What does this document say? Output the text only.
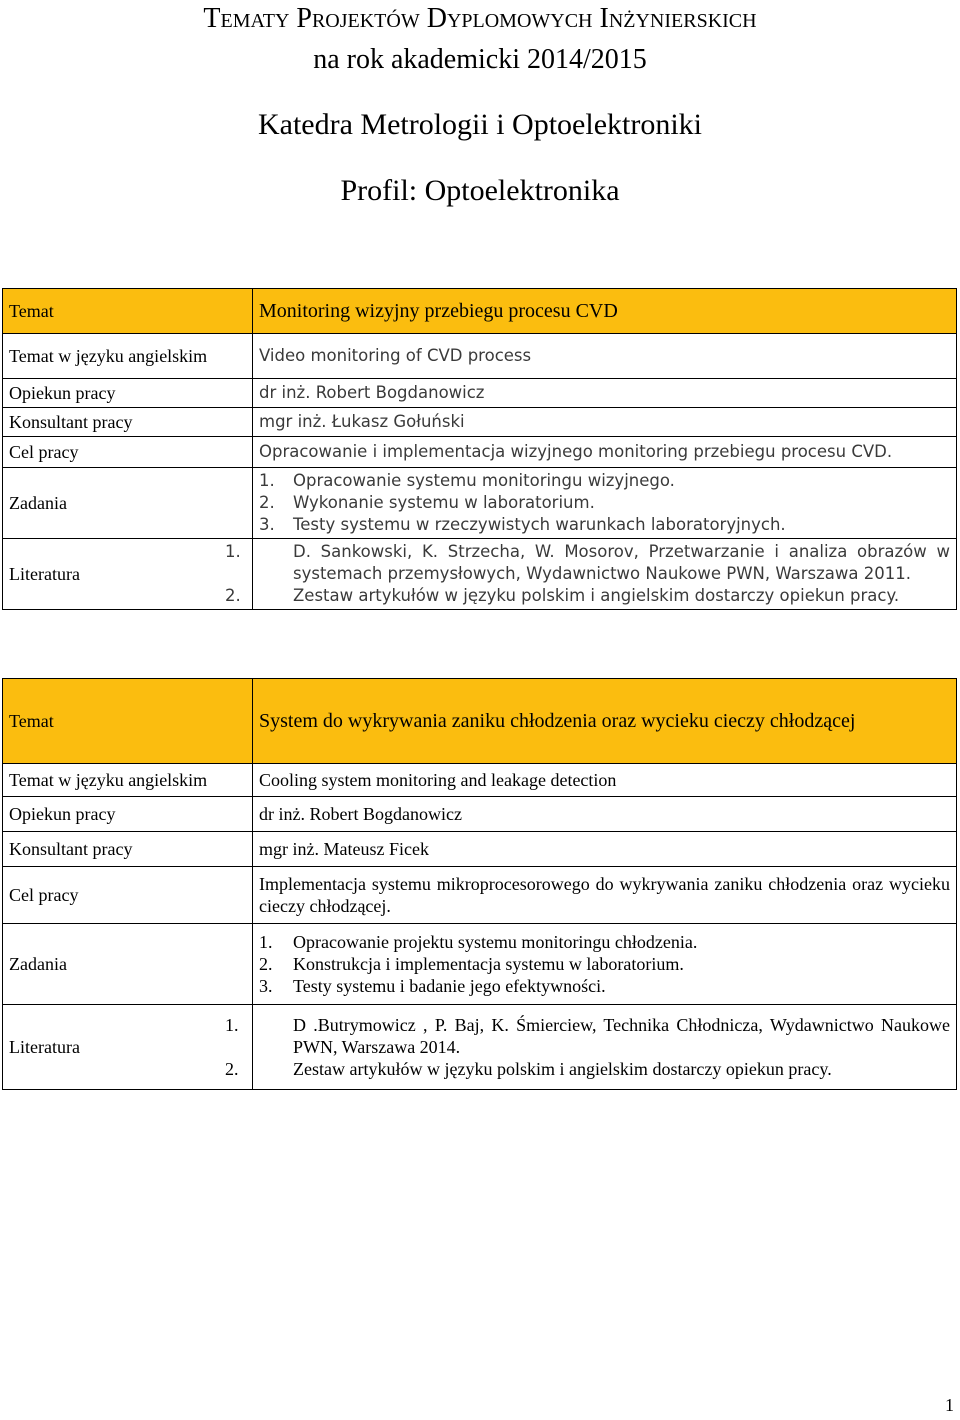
Tematy Projektów Dyplomowych Inżynierskich
na rok akademicki 2014/2015
Katedra Metrologii i Optoelektroniki
Profil: Optoelektronika
Temat	Monitoring wizyjny przebiegu procesu CVD
Temat w języku angielskim	Video monitoring of CVD process
Opiekun pracy	dr inż. Robert Bogdanowicz
Konsultant pracy	mgr inż. Łukasz Gołuński
Cel pracy	Opracowanie i implementacja wizyjnego monitoring przebiegu procesu CVD.
Zadania	1. Opracowanie systemu monitoringu wizyjnego.
2. Wykonanie systemu w laboratorium.
3. Testy systemu w rzeczywistych warunkach laboratoryjnych.

Literatura	1. D. Sankowski, K. Strzecha, W. Mosorov, Przetwarzanie i analiza obrazów w systemach przemysłowych, Wydawnictwo Naukowe PWN, Warszawa 2011.
2. Zestaw artykułów w języku polskim i angielskim dostarczy opiekun pracy.
Temat	System do wykrywania zaniku chłodzenia oraz wycieku cieczy chłodzącej
Temat w języku angielskim	Cooling system monitoring and leakage detection
Opiekun pracy	dr inż. Robert Bogdanowicz
Konsultant pracy	mgr inż. Mateusz Ficek
Cel pracy	Implementacja systemu mikroprocesorowego do wykrywania zaniku chłodzenia oraz wycieku cieczy chłodzącej.
Zadania	1. Opracowanie projektu systemu monitoringu chłodzenia.
2. Konstrukcja i implementacja systemu w laboratorium.
3. Testy systemu i badanie jego efektywności.

Literatura	1. D .Butrymowicz , P. Baj, K. Śmierciew, Technika Chłodnicza, Wydawnictwo Naukowe PWN, Warszawa 2014.
2. Zestaw artykułów w języku polskim i angielskim dostarczy opiekun pracy.
1
